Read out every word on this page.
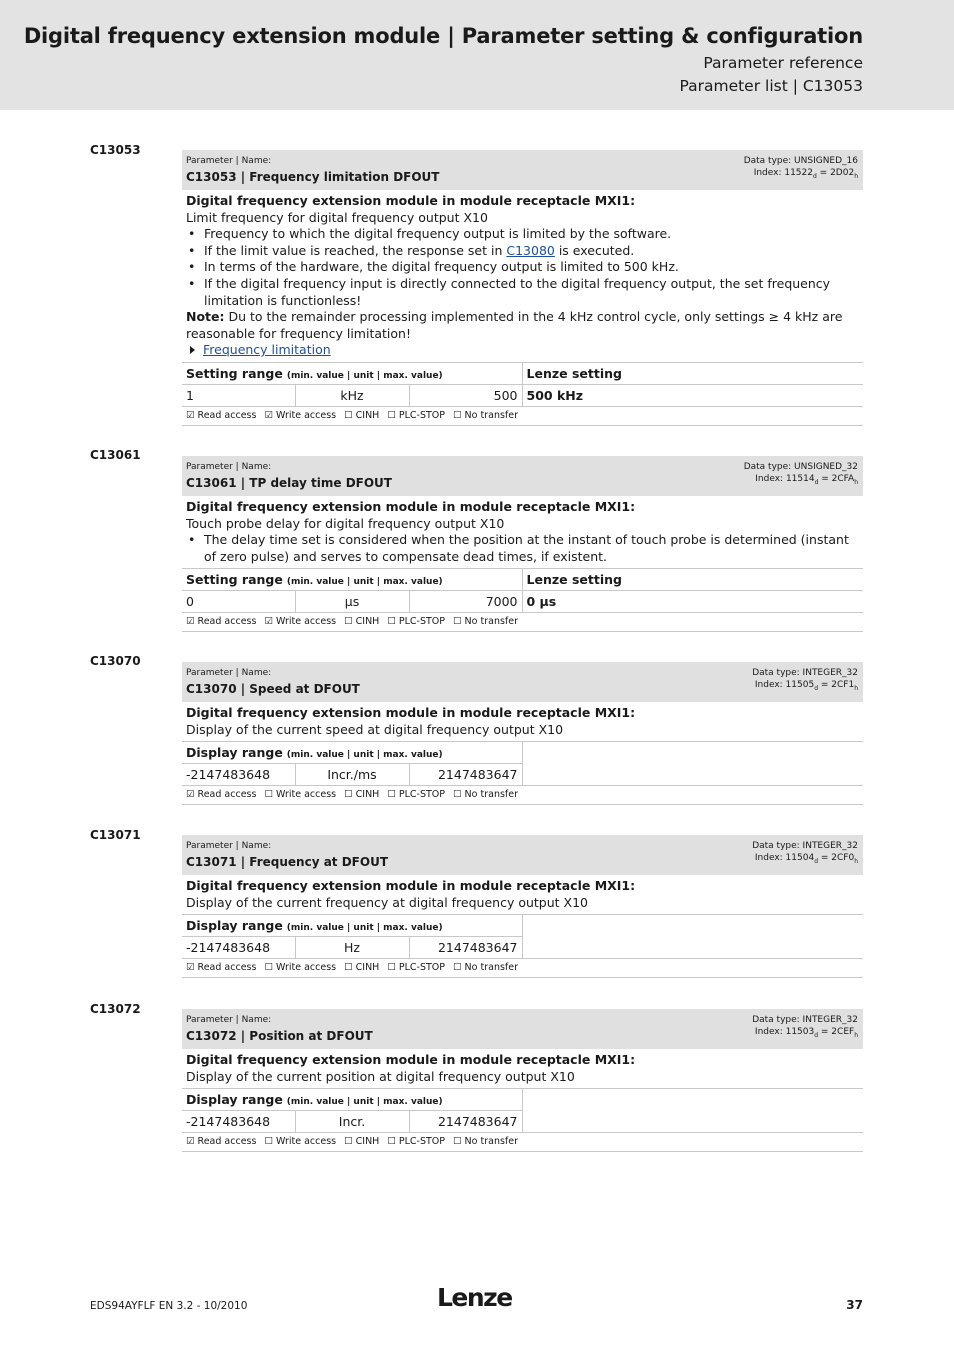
Digital frequency extension module | Parameter setting & configuration
Parameter reference
Parameter list | C13053
C13053
Parameter | Name:
C13053 | Frequency limitation DFOUT
Data type: UNSIGNED_16
Index: $11522_d = 2D02_h$
Digital frequency extension module in module receptacle MXI1:
Limit frequency for digital frequency output X10
• Frequency to which the digital frequency output is limited by the software.
• If the limit value is reached, the response set in C13080 is executed.
• In terms of the hardware, the digital frequency output is limited to 500 kHz.
• If the digital frequency input is directly connected to the digital frequency output, the set frequency limitation is functionless!
Note: Du to the remainder processing implemented in the 4 kHz control cycle, only settings ≥ 4 kHz are reasonable for frequency limitation!
Frequency limitation
Setting range (min. value | unit | max. value)			Lenze setting
1	kHz	500	500 kHz
☑ Read access ☑ Write access ☐ CINH ☐ PLC-STOP ☐ No transfer
C13061
Parameter | Name:
C13061 | TP delay time DFOUT
Data type: UNSIGNED_32
Index: $11514_d = 2CFA_h$
Digital frequency extension module in module receptacle MXI1:
Touch probe delay for digital frequency output X10
• The delay time set is considered when the position at the instant of touch probe is determined (instant of zero pulse) and serves to compensate dead times, if existent.
Setting range (min. value | unit | max. value)			Lenze setting
0	µs	7000	0 µs
☑ Read access ☑ Write access ☐ CINH ☐ PLC-STOP ☐ No transfer
C13070
Parameter | Name:
C13070 | Speed at DFOUT
Data type: INTEGER_32
Index: $11505_d = 2CF1_h$
Digital frequency extension module in module receptacle MXI1:
Display of the current speed at digital frequency output X10
Display range (min. value | unit | max. value)			
-2147483648	Incr./ms	2147483647	
☑ Read access ☐ Write access ☐ CINH ☐ PLC-STOP ☐ No transfer
C13071
Parameter | Name:
C13071 | Frequency at DFOUT
Data type: INTEGER_32
Index: $11504_d = 2CF0_h$
Digital frequency extension module in module receptacle MXI1:
Display of the current frequency at digital frequency output X10
Display range (min. value | unit | max. value)			
-2147483648	Hz	2147483647	
☑ Read access ☐ Write access ☐ CINH ☐ PLC-STOP ☐ No transfer
C13072
Parameter | Name:
C13072 | Position at DFOUT
Data type: INTEGER_32
Index: $11503_d = 2CEF_h$
Digital frequency extension module in module receptacle MXI1:
Display of the current position at digital frequency output X10
Display range (min. value | unit | max. value)			
-2147483648	Incr.	2147483647	
☑ Read access ☐ Write access ☐ CINH ☐ PLC-STOP ☐ No transfer
EDS94AYFLF EN 3.2 - 10/2010	Lenze	37
